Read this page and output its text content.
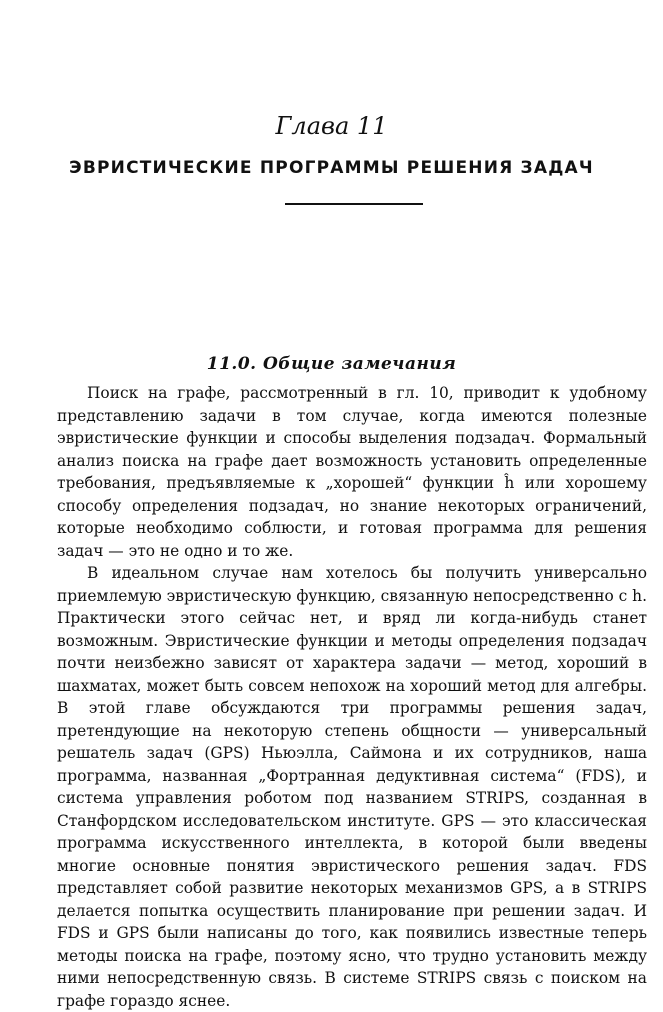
Глава 11
ЭВРИСТИЧЕСКИЕ ПРОГРАММЫ РЕШЕНИЯ ЗАДАЧ
11.0. Общие замечания

Поиск на графе, рассмотренный в гл. 10, приводит к удобному представлению задачи в том случае, когда имеются полезные эвристические функции и способы выделения подзадач. Формальный анализ поиска на графе дает возможность установить определенные требования, предъявляемые к „хорошей“ функции ĥ или хорошему способу определения подзадач, но знание некоторых ограничений, которые необходимо соблюсти, и готовая программа для решения задач — это не одно и то же.

В идеальном случае нам хотелось бы получить универсально приемлемую эвристическую функцию, связанную непосредственно с h. Практически этого сейчас нет, и вряд ли когда-нибудь станет возможным. Эвристические функции и методы определения подзадач почти неизбежно зависят от характера задачи — метод, хороший в шахматах, может быть совсем непохож на хороший метод для алгебры. В этой главе обсуждаются три программы решения задач, претендующие на некоторую степень общности — универсальный решатель задач (GPS) Ньюэлла, Саймона и их сотрудников, наша программа, названная „Фортранная дедуктивная система“ (FDS), и система управления роботом под названием STRIPS, созданная в Станфордском исследовательском институте. GPS — это классическая программа искусственного интеллекта, в которой были введены многие основные понятия эвристического решения задач. FDS представляет собой развитие некоторых механизмов GPS, а в STRIPS делается попытка осуществить планирование при решении задач. И FDS и GPS были написаны до того, как появились известные теперь методы поиска на графе, поэтому ясно, что трудно установить между ними непосредственную связь. В системе STRIPS связь с поиском на графе гораздо яснее.
